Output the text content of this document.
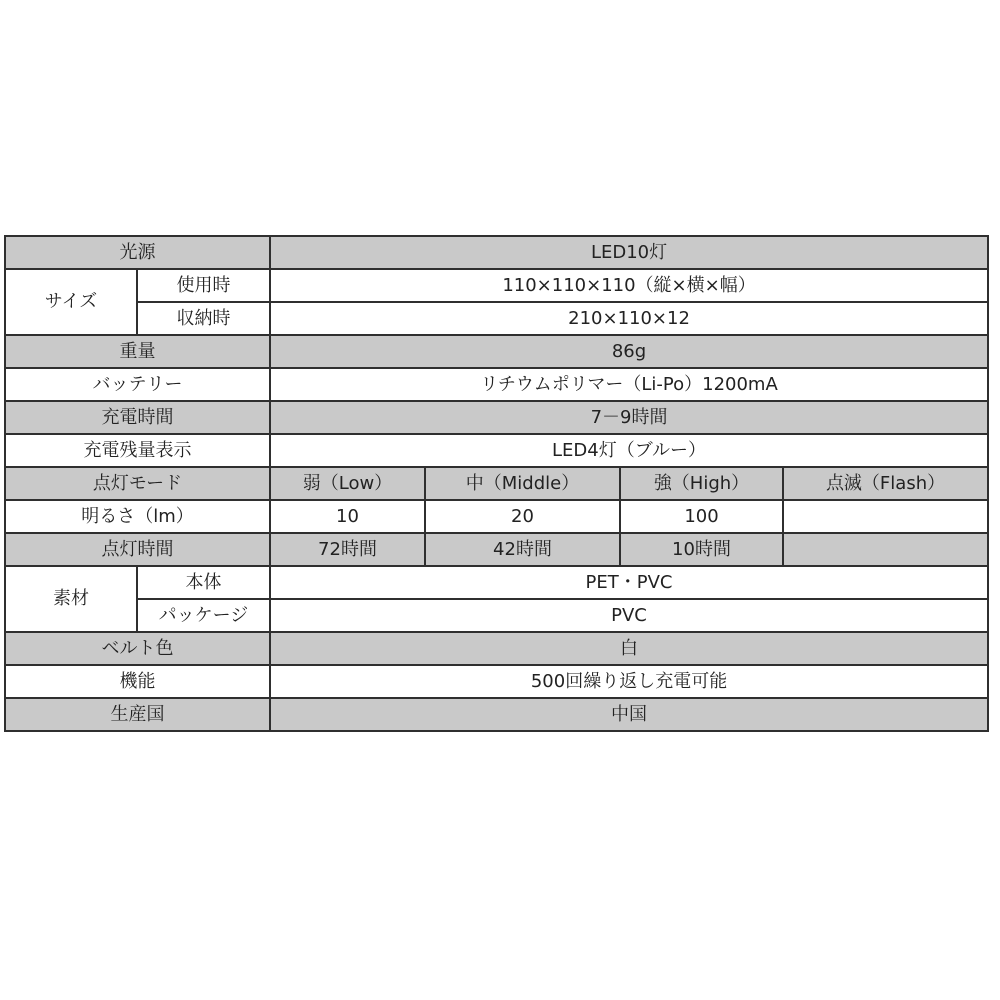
光源		LED10灯			
サイズ	使用時	110×110×110（縦×横×幅）			
	収納時	210×110×12			
重量		86g			
バッテリー		リチウムポリマー（Li-Po）1200mA			
充電時間		7－9時間			
充電残量表示		LED4灯（ブルー）			
点灯モード		弱（Low）	中（Middle）	強（High）	点滅（Flash）
明るさ（lm）		10	20	100	
点灯時間		72時間	42時間	10時間	
素材	本体	PET・PVC			
	パッケージ	PVC			
ベルト色		白			
機能		500回繰り返し充電可能			
生産国		中国			
